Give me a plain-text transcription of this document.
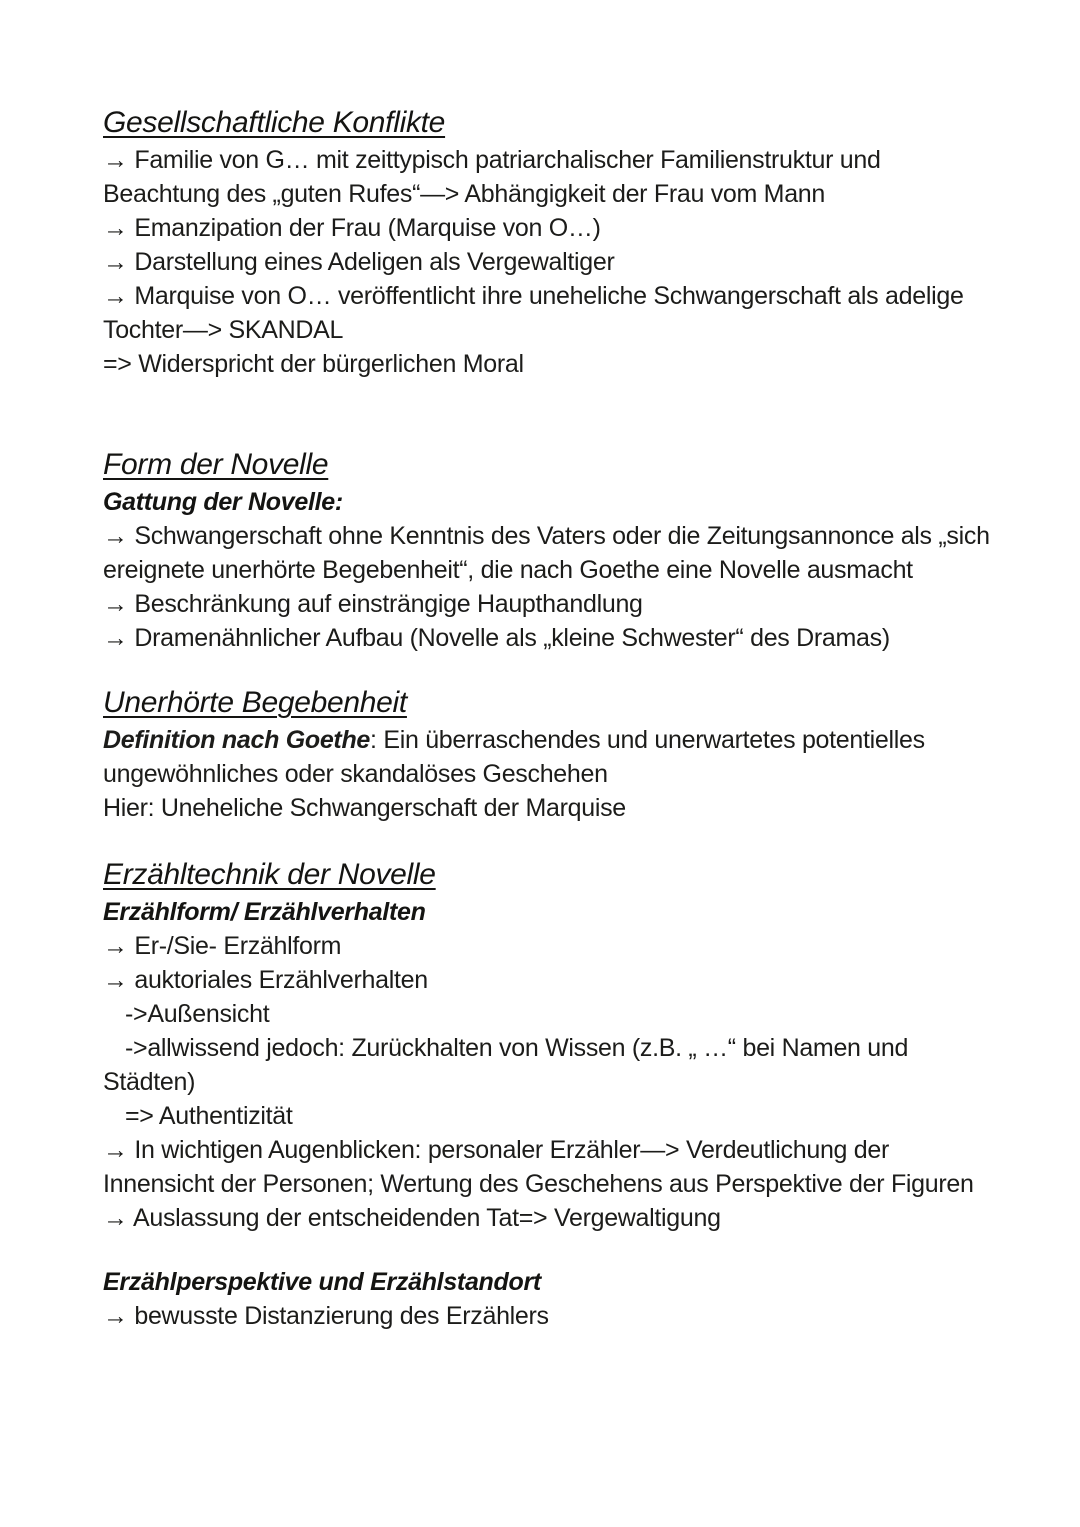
Gesellschaftliche Konflikte

→ Familie von G… mit zeittypisch patriarchalischer Familienstruktur und Beachtung des „guten Rufes“—> Abhängigkeit der Frau vom Mann

→ Emanzipation der Frau (Marquise von O…)

→ Darstellung eines Adeligen als Vergewaltiger

→ Marquise von O… veröffentlicht ihre uneheliche Schwangerschaft als adelige Tochter—> SKANDAL

=> Widerspricht der bürgerlichen Moral

Form der Novelle
Gattung der Novelle:

→ Schwangerschaft ohne Kenntnis des Vaters oder die Zeitungsannonce als „sich ereignete unerhörte Begebenheit“, die nach Goethe eine Novelle ausmacht

→ Beschränkung auf einsträngige Haupthandlung

→ Dramenähnlicher Aufbau (Novelle als „kleine Schwester“ des Dramas)

Unerhörte Begebenheit

Definition nach Goethe: Ein überraschendes und unerwartetes potentielles ungewöhnliches oder skandalöses Geschehen

Hier: Uneheliche Schwangerschaft der Marquise

Erzähltechnik der Novelle
Erzählform/ Erzählverhalten

→ Er-/Sie- Erzählform

→ auktoriales Erzählverhalten

->Außensicht

->allwissend jedoch: Zurückhalten von Wissen (z.B. „ …“ bei Namen und Städten)

=> Authentizität

→ In wichtigen Augenblicken: personaler Erzähler—> Verdeutlichung der Innensicht der Personen; Wertung des Geschehens aus Perspektive der Figuren

→ Auslassung der entscheidenden Tat=> Vergewaltigung

Erzählperspektive und Erzählstandort

→ bewusste Distanzierung des Erzählers
